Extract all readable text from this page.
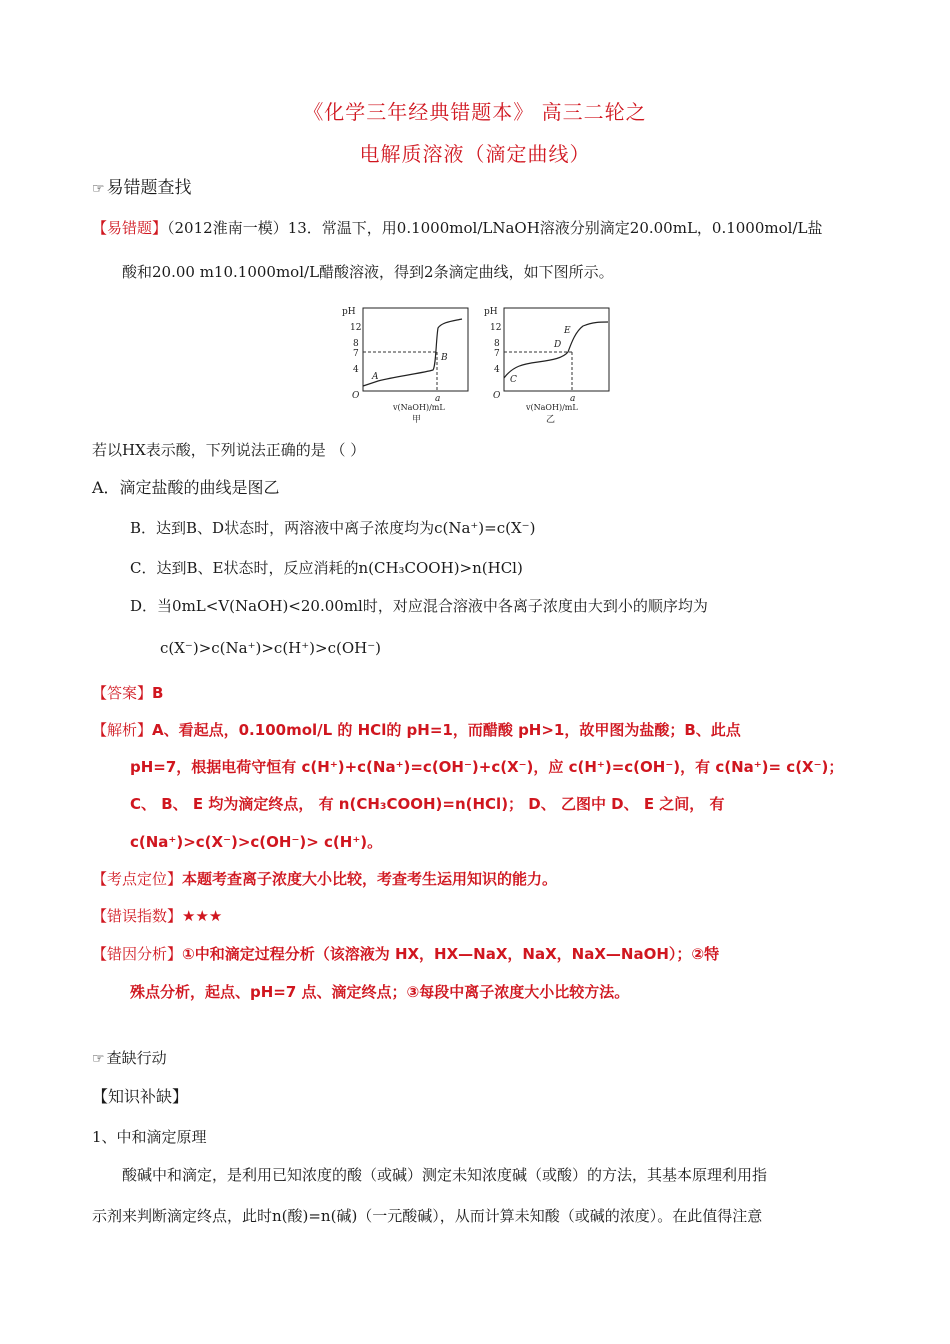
《化学三年经典错题本》 高三二轮之
电解质溶液（滴定曲线）
☞ 易错题查找
【易错题】（2012淮南一模）13．常温下，用0.1000mol/LNaOH溶液分别滴定20.00mL，0.1000mol/L盐
酸和20.00 m10.1000mol/L醋酸溶液，得到2条滴定曲线，如下图所示。
pH
12
8
7
4
O
A
B
a
v(NaOH)/mL
甲
pH
12
8
7
4
O
C
D
E
a
v(NaOH)/mL
乙
若以HX表示酸，下列说法正确的是 （ ）
A．滴定盐酸的曲线是图乙
B．达到B、D状态时，两溶液中离子浓度均为c(Na⁺)=c(X⁻)
C．达到B、E状态时，反应消耗的n(CH₃COOH)>n(HCl)
D．当0mL<V(NaOH)<20.00ml时，对应混合溶液中各离子浓度由大到小的顺序均为
c(X⁻)>c(Na⁺)>c(H⁺)>c(OH⁻)
【答案】B
【解析】A、看起点，0.100mol/L 的 HCl的 pH=1，而醋酸 pH>1，故甲图为盐酸；B、此点
pH=7，根据电荷守恒有 c(H⁺)+c(Na⁺)=c(OH⁻)+c(X⁻)，应 c(H⁺)=c(OH⁻)，有 c(Na⁺)= c(X⁻)；
C、 B、 E 均为滴定终点， 有 n(CH₃COOH)=n(HCl)； D、 乙图中 D、 E 之间， 有
c(Na⁺)>c(X⁻)>c(OH⁻)> c(H⁺)。
【考点定位】本题考查离子浓度大小比较，考查考生运用知识的能力。
【错误指数】★★★
【错因分析】①中和滴定过程分析（该溶液为 HX，HX—NaX，NaX，NaX—NaOH）；②特
殊点分析，起点、pH=7 点、滴定终点；③每段中离子浓度大小比较方法。
☞ 查缺行动
【知识补缺】
1、中和滴定原理
酸碱中和滴定，是利用已知浓度的酸（或碱）测定未知浓度碱（或酸）的方法，其基本原理利用指
示剂来判断滴定终点，此时n(酸)=n(碱)（一元酸碱），从而计算未知酸（或碱的浓度）。在此值得注意
